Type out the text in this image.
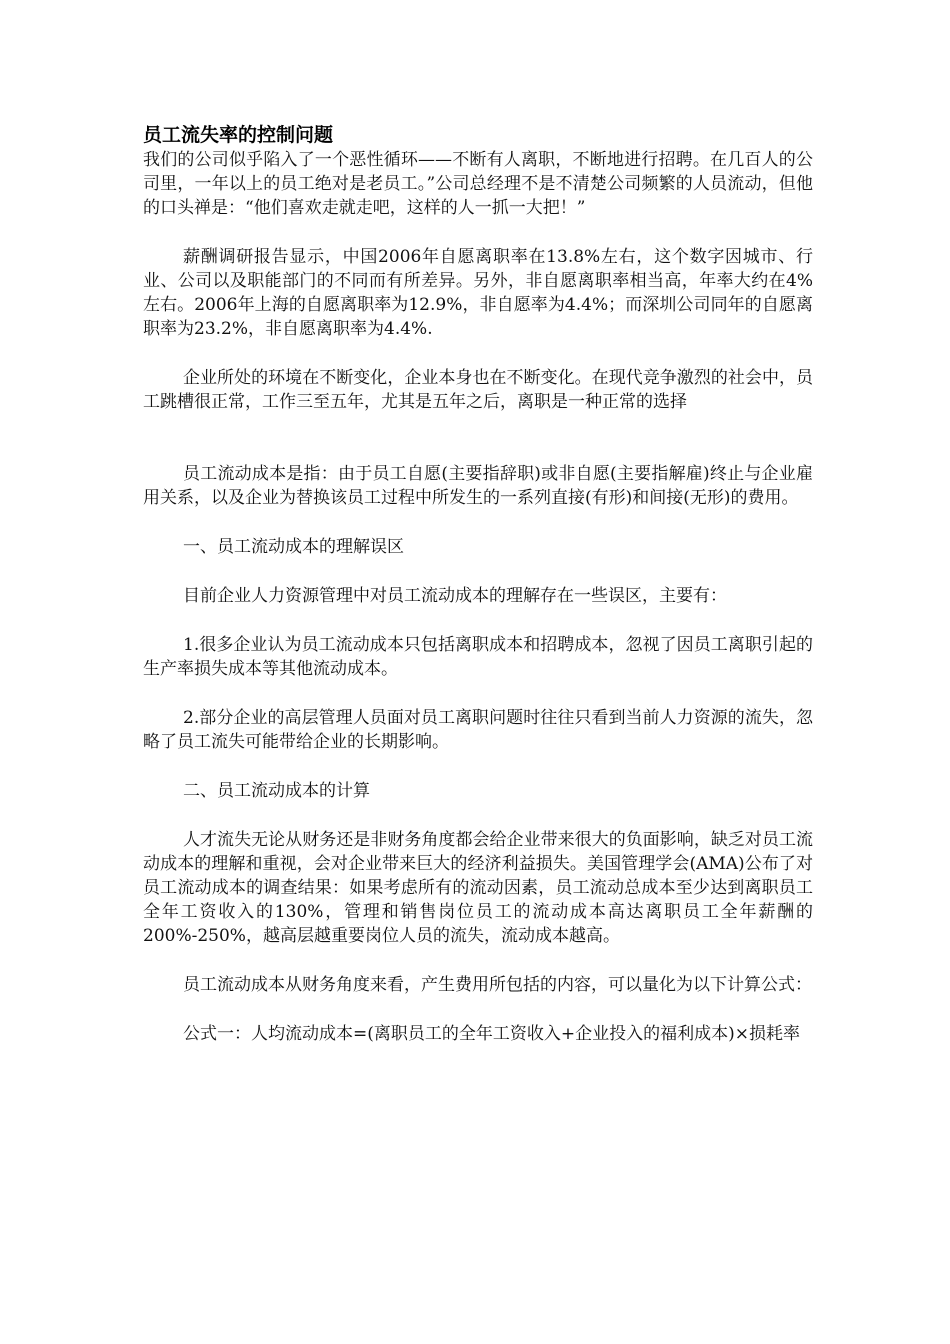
员工流失率的控制问题

我们的公司似乎陷入了一个恶性循环——不断有人离职，不断地进行招聘。在几百人的公司里，一年以上的员工绝对是老员工。”公司总经理不是不清楚公司频繁的人员流动，但他的口头禅是：“他们喜欢走就走吧，这样的人一抓一大把！”

薪酬调研报告显示，中国2006年自愿离职率在13.8%左右，这个数字因城市、行业、公司以及职能部门的不同而有所差异。另外，非自愿离职率相当高，年率大约在4%左右。2006年上海的自愿离职率为12.9%，非自愿率为4.4%；而深圳公司同年的自愿离职率为23.2%，非自愿离职率为4.4%.

企业所处的环境在不断变化，企业本身也在不断变化。在现代竞争激烈的社会中，员工跳槽很正常，工作三至五年，尤其是五年之后，离职是一种正常的选择

员工流动成本是指：由于员工自愿(主要指辞职)或非自愿(主要指解雇)终止与企业雇用关系，以及企业为替换该员工过程中所发生的一系列直接(有形)和间接(无形)的费用。

一、员工流动成本的理解误区

目前企业人力资源管理中对员工流动成本的理解存在一些误区，主要有：

1.很多企业认为员工流动成本只包括离职成本和招聘成本，忽视了因员工离职引起的生产率损失成本等其他流动成本。

2.部分企业的高层管理人员面对员工离职问题时往往只看到当前人力资源的流失，忽略了员工流失可能带给企业的长期影响。

二、员工流动成本的计算

人才流失无论从财务还是非财务角度都会给企业带来很大的负面影响，缺乏对员工流动成本的理解和重视，会对企业带来巨大的经济利益损失。美国管理学会(AMA)公布了对员工流动成本的调查结果：如果考虑所有的流动因素，员工流动总成本至少达到离职员工全年工资收入的130%，管理和销售岗位员工的流动成本高达离职员工全年薪酬的200%-250%，越高层越重要岗位人员的流失，流动成本越高。

员工流动成本从财务角度来看，产生费用所包括的内容，可以量化为以下计算公式：

公式一：人均流动成本=(离职员工的全年工资收入+企业投入的福利成本)×损耗率
